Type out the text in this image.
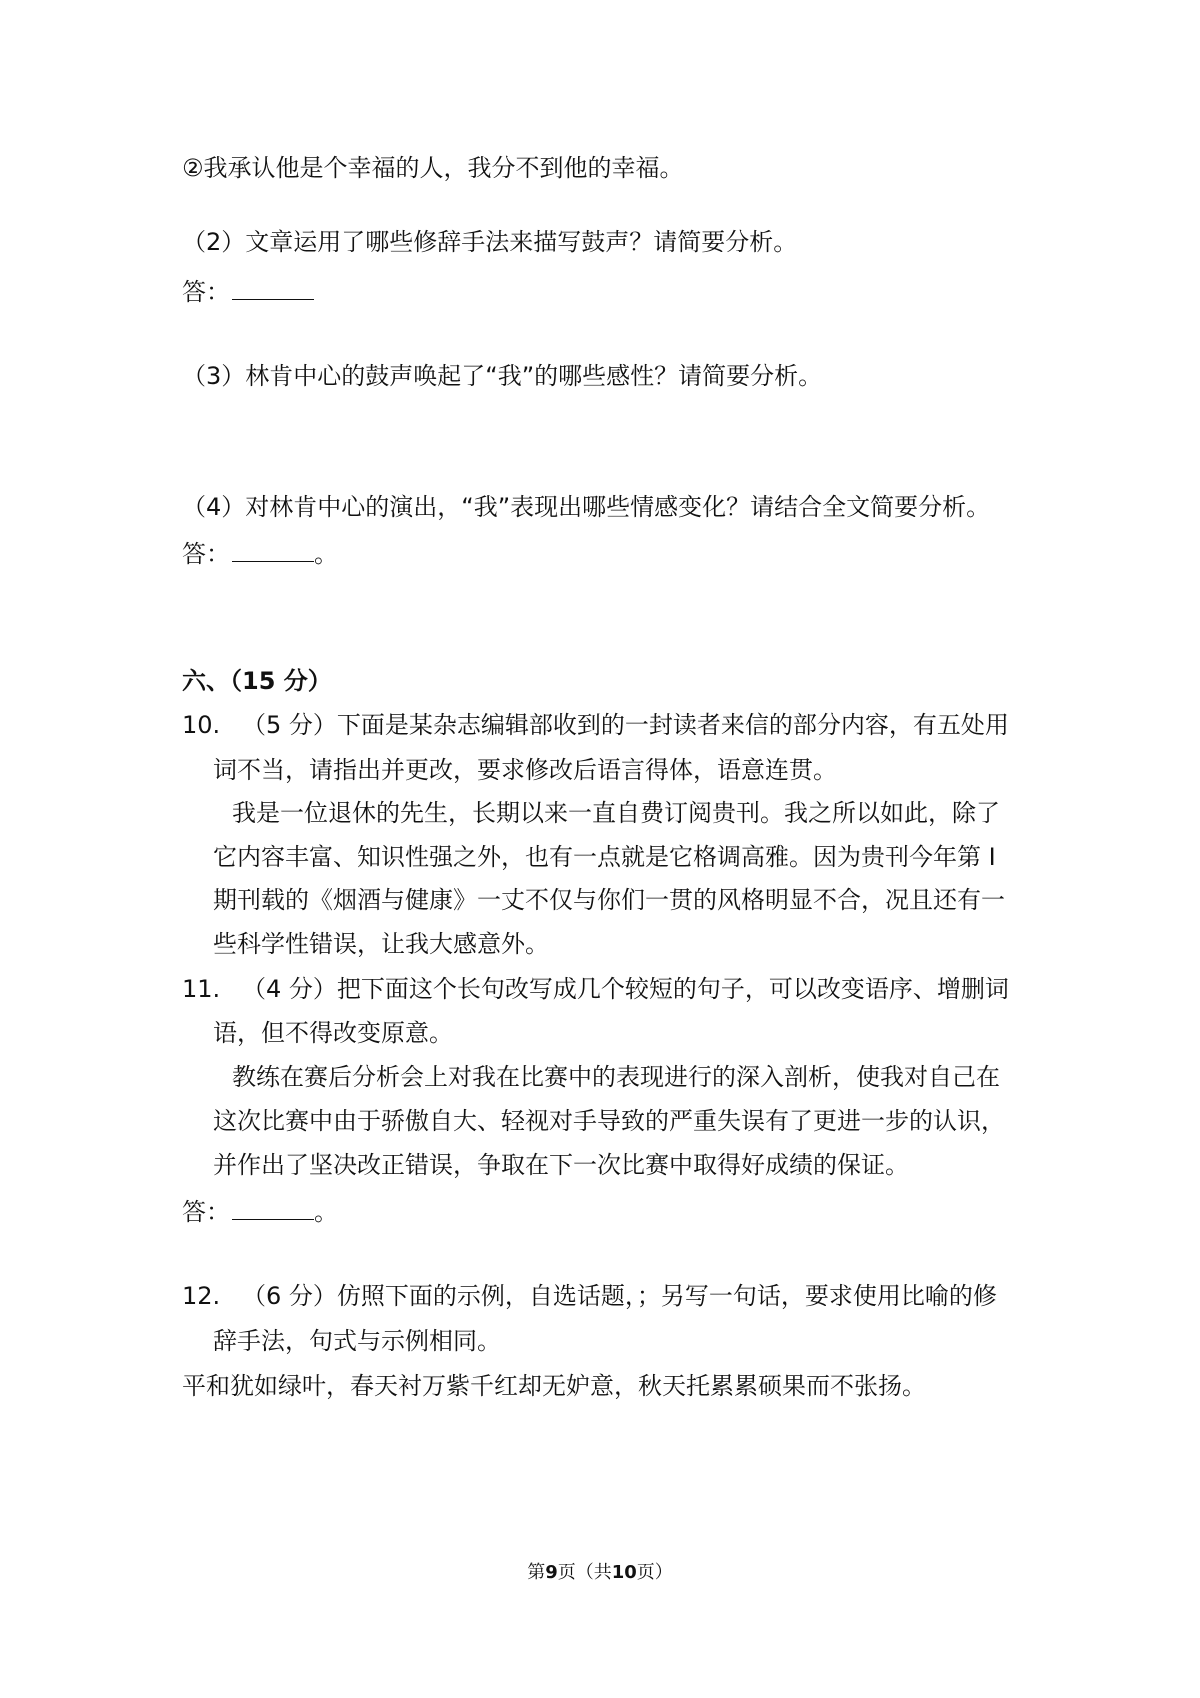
②我承认他是个幸福的人，我分不到他的幸福。
（2）文章运用了哪些修辞手法来描写鼓声？请简要分析。
答：
（3）林肯中心的鼓声唤起了“我”的哪些感性？请简要分析。
（4）对林肯中心的演出，“我”表现出哪些情感变化？请结合全文简要分析。
答：	。
六、（15 分）
10. （5 分）下面是某杂志编辑部收到的一封读者来信的部分内容，有五处用
词不当，请指出并更改，要求修改后语言得体，语意连贯。
我是一位退休的先生，长期以来一直自费订阅贵刊。我之所以如此，除了
它内容丰富、知识性强之外，也有一点就是它格调高雅。因为贵刊今年第 I
期刊载的《烟酒与健康》一丈不仅与你们一贯的风格明显不合，况且还有一
些科学性错误，让我大感意外。
11. （4 分）把下面这个长句改写成几个较短的句子，可以改变语序、增删词
语，但不得改变原意。
教练在赛后分析会上对我在比赛中的表现进行的深入剖析，使我对自己在
这次比赛中由于骄傲自大、轻视对手导致的严重失误有了更进一步的认识，
并作出了坚决改正错误，争取在下一次比赛中取得好成绩的保证。
答：	。
12. （6 分）仿照下面的示例，自选话题，；另写一句话，要求使用比喻的修
辞手法，句式与示例相同。
平和犹如绿叶，春天衬万紫千红却无妒意，秋天托累累硕果而不张扬。
第9页（共10页）
